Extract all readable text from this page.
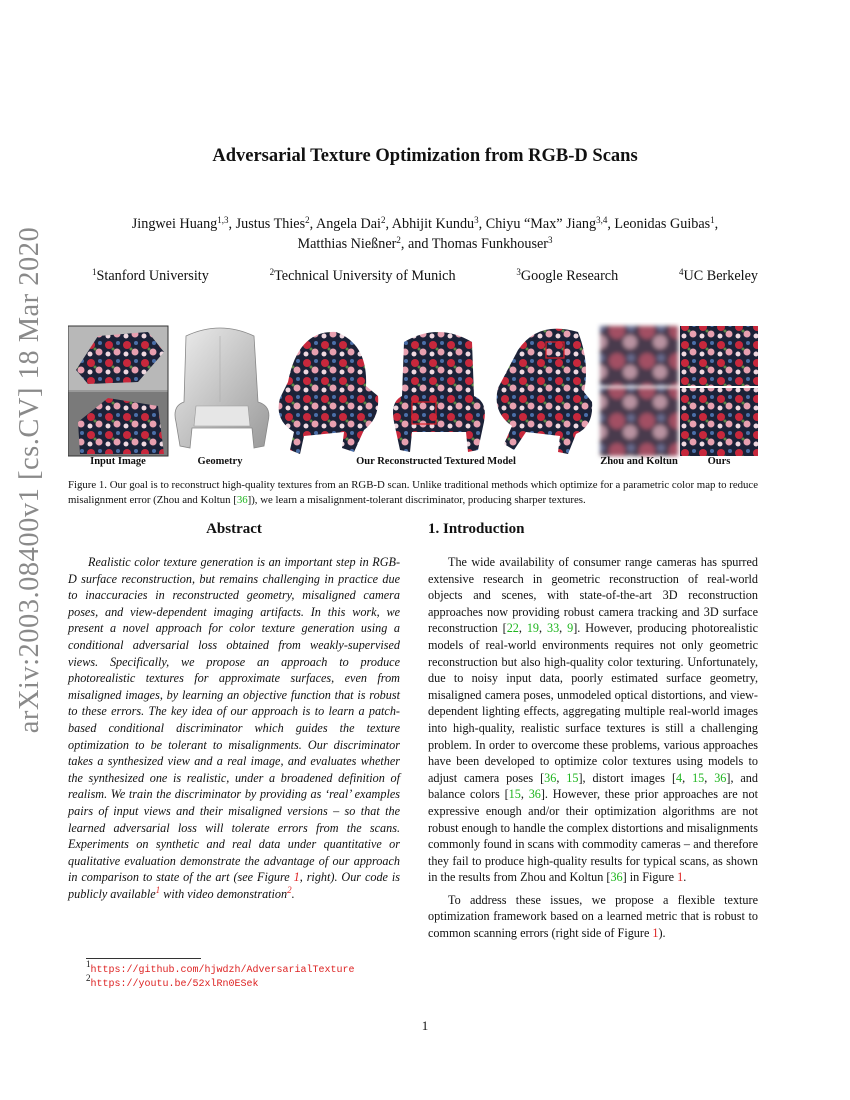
arXiv:2003.08400v1 [cs.CV] 18 Mar 2020
Adversarial Texture Optimization from RGB-D Scans
Jingwei Huang$^{1,3}$, Justus Thies$^2$, Angela Dai$^2$, Abhijit Kundu$^3$, Chiyu “Max” Jiang$^{3,4}$, Leonidas Guibas$^1$,
Matthias Nießner$^2$, and Thomas Funkhouser$^3$
$^1$Stanford University	$^2$Technical University of Munich	$^3$Google Research	$^4$UC Berkeley
Input Image	Geometry	Our Reconstructed Textured Model	Zhou and Koltun	Ours
Figure 1. Our goal is to reconstruct high-quality textures from an RGB-D scan. Unlike traditional methods which optimize for a parametric color map to reduce misalignment error (Zhou and Koltun [36]), we learn a misalignment-tolerant discriminator, producing sharper textures.
Abstract
Realistic color texture generation is an important step in RGB-D surface reconstruction, but remains challenging in practice due to inaccuracies in reconstructed geometry, misaligned camera poses, and view-dependent imaging artifacts. In this work, we present a novel approach for color texture generation using a conditional adversarial loss obtained from weakly-supervised views. Specifically, we propose an approach to produce photorealistic textures for approximate surfaces, even from misaligned images, by learning an objective function that is robust to these errors. The key idea of our approach is to learn a patch-based conditional discriminator which guides the texture optimization to be tolerant to misalignments. Our discriminator takes a synthesized view and a real image, and evaluates whether the synthesized one is realistic, under a broadened definition of realism. We train the discriminator by providing as ‘real’ examples pairs of input views and their misaligned versions – so that the learned adversarial loss will tolerate errors from the scans. Experiments on synthetic and real data under quantitative or qualitative evaluation demonstrate the advantage of our approach in comparison to state of the art (see Figure 1, right). Our code is publicly available$^1$ with video demonstration$^2$.
$^1$https://github.com/hjwdzh/AdversarialTexture
$^2$https://youtu.be/52xlRn0ESek
1. Introduction

The wide availability of consumer range cameras has spurred extensive research in geometric reconstruction of real-world objects and scenes, with state-of-the-art 3D reconstruction approaches now providing robust camera tracking and 3D surface reconstruction [22, 19, 33, 9]. However, producing photorealistic models of real-world environments requires not only geometric reconstruction but also high-quality color texturing. Unfortunately, due to noisy input data, poorly estimated surface geometry, misaligned camera poses, unmodeled optical distortions, and view-dependent lighting effects, aggregating multiple real-world images into high-quality, realistic surface textures is still a challenging problem. In order to overcome these problems, various approaches have been developed to optimize color textures using models to adjust camera poses [36, 15], distort images [4, 15, 36], and balance colors [15, 36]. However, these prior approaches are not expressive enough and/or their optimization algorithms are not robust enough to handle the complex distortions and misalignments commonly found in scans with commodity cameras – and therefore they fail to produce high-quality results for typical scans, as shown in the results from Zhou and Koltun [36] in Figure 1.

To address these issues, we propose a flexible texture optimization framework based on a learned metric that is robust to common scanning errors (right side of Figure 1).

1
